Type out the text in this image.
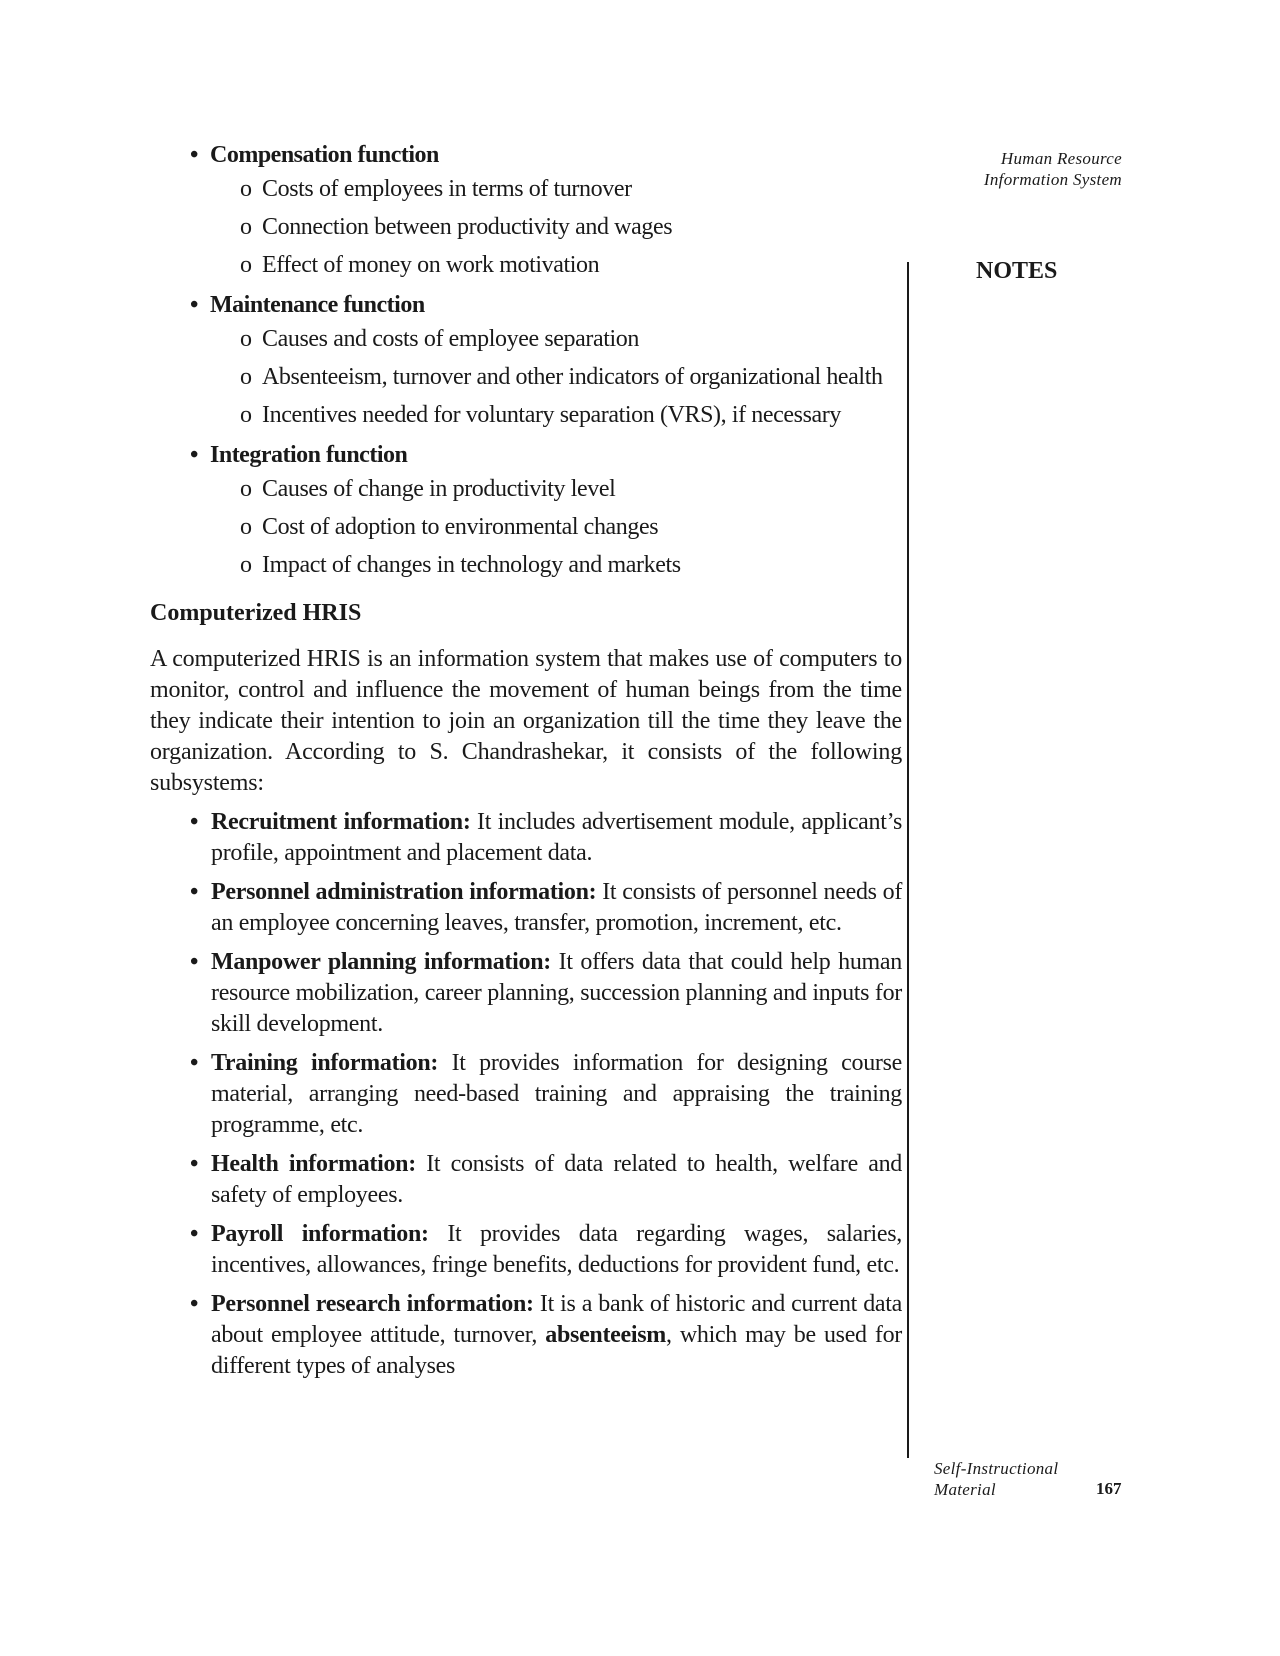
Human Resource
Information System
NOTES
• Compensation function
o Costs of employees in terms of turnover
o Connection between productivity and wages
o Effect of money on work motivation
• Maintenance function
o Causes and costs of employee separation
o Absenteeism, turnover and other indicators of organizational health
o Incentives needed for voluntary separation (VRS), if necessary
• Integration function
o Causes of change in productivity level
o Cost of adoption to environmental changes
o Impact of changes in technology and markets
Computerized HRIS

A computerized HRIS is an information system that makes use of computers to monitor, control and influence the movement of human beings from the time they indicate their intention to join an organization till the time they leave the organization. According to S. Chandrashekar, it consists of the following subsystems:

• Recruitment information: It includes advertisement module, applicant’s profile, appointment and placement data.
• Personnel administration information: It consists of personnel needs of an employee concerning leaves, transfer, promotion, increment, etc.
• Manpower planning information: It offers data that could help human resource mobilization, career planning, succession planning and inputs for skill development.
• Training information: It provides information for designing course material, arranging need-based training and appraising the training programme, etc.
• Health information: It consists of data related to health, welfare and safety of employees.
• Payroll information: It provides data regarding wages, salaries, incentives, allowances, fringe benefits, deductions for provident fund, etc.
• Personnel research information: It is a bank of historic and current data about employee attitude, turnover, absenteeism, which may be used for different types of analyses
Self-Instructional
Material	167
